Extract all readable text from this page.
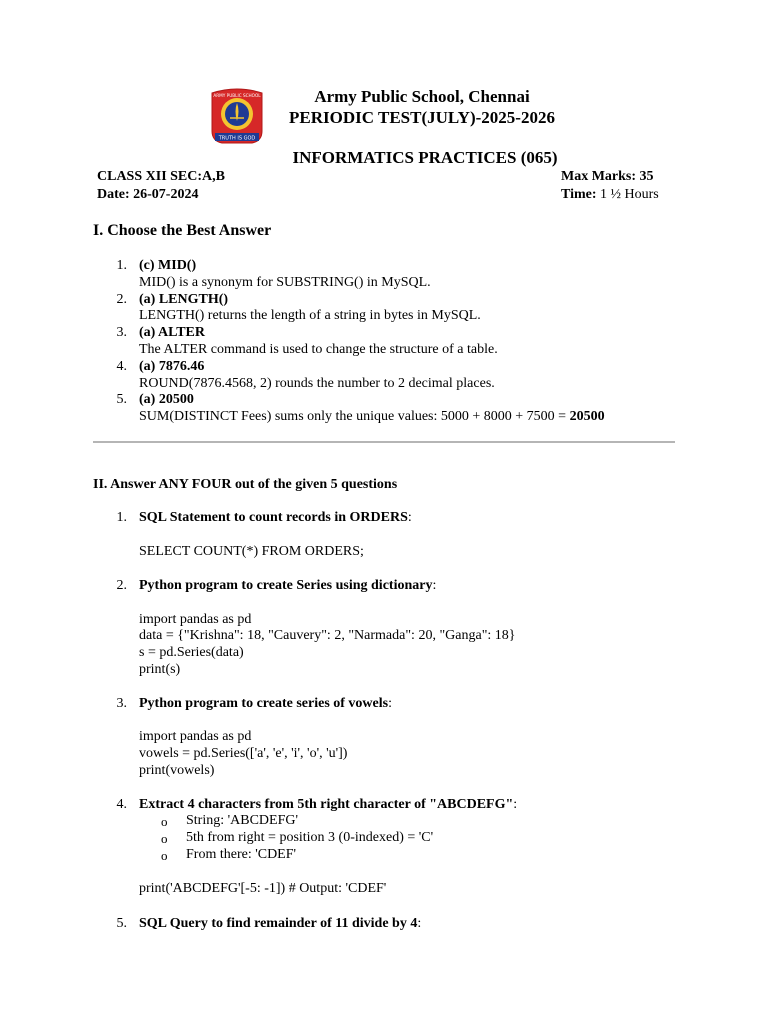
TRUTH IS GOD
ARMY PUBLIC SCHOOL	Army Public School, Chennai
PERIODIC TEST(JULY)-2025-2026
INFORMATICS PRACTICES (065)
CLASS XII SEC:A,B
Date: 26-07-2024
Max Marks: 35
Time: 1 ½ Hours
I. Choose the Best Answer
1. (c) MID()
MID() is a synonym for SUBSTRING() in MySQL.
2. (a) LENGTH()
LENGTH() returns the length of a string in bytes in MySQL.
3. (a) ALTER
The ALTER command is used to change the structure of a table.
4. (a) 7876.46
ROUND(7876.4568, 2) rounds the number to 2 decimal places.
5. (a) 20500
SUM(DISTINCT Fees) sums only the unique values: 5000 + 8000 + 7500 = 20500
II. Answer ANY FOUR out of the given 5 questions
1. SQL Statement to count records in ORDERS:
SELECT COUNT(*) FROM ORDERS;
2. Python program to create Series using dictionary:
import pandas as pd
data = {"Krishna": 18, "Cauvery": 2, "Narmada": 20, "Ganga": 18}
s = pd.Series(data)
print(s)
3. Python program to create series of vowels:
import pandas as pd
vowels = pd.Series(['a', 'e', 'i', 'o', 'u'])
print(vowels)
4. Extract 4 characters from 5th right character of "ABCDEFG":
o String: 'ABCDEFG'
o 5th from right = position 3 (0-indexed) = 'C'
o From there: 'CDEF'
print('ABCDEFG'[-5: -1]) # Output: 'CDEF'
5. SQL Query to find remainder of 11 divide by 4:
